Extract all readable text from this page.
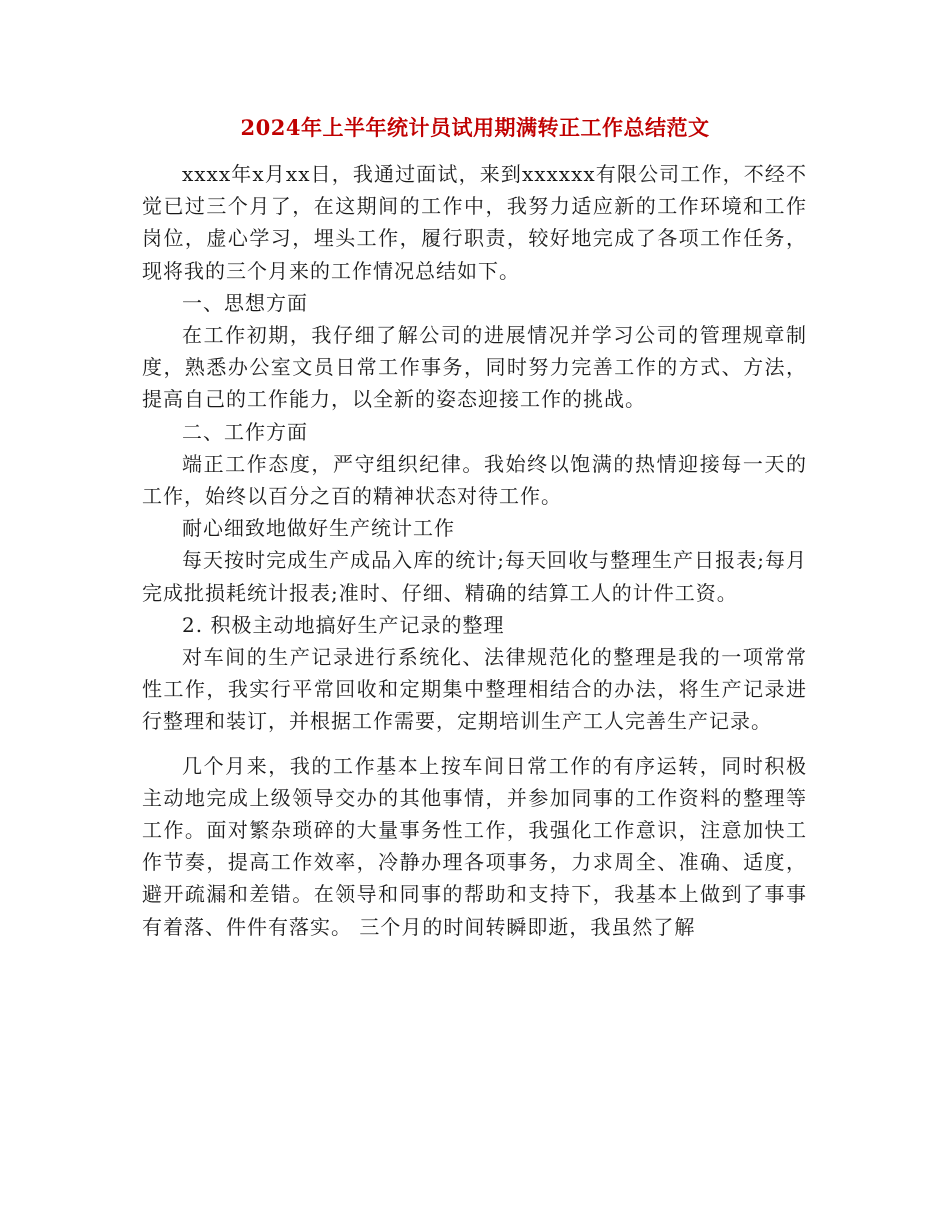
2024年上半年统计员试用期满转正工作总结范文

xxxx年x月xx日，我通过面试，来到xxxxxx有限公司工作，不经不觉已过三个月了，在这期间的工作中，我努力适应新的工作环境和工作岗位，虚心学习，埋头工作，履行职责，较好地完成了各项工作任务，现将我的三个月来的工作情况总结如下。

一、思想方面

在工作初期，我仔细了解公司的进展情况并学习公司的管理规章制度，熟悉办公室文员日常工作事务，同时努力完善工作的方式、方法，提高自己的工作能力，以全新的姿态迎接工作的挑战。

二、工作方面

端正工作态度，严守组织纪律。我始终以饱满的热情迎接每一天的工作，始终以百分之百的精神状态对待工作。

耐心细致地做好生产统计工作

每天按时完成生产成品入库的统计;每天回收与整理生产日报表;每月完成批损耗统计报表;准时、仔细、精确的结算工人的计件工资。

2. 积极主动地搞好生产记录的整理

对车间的生产记录进行系统化、法律规范化的整理是我的一项常常性工作，我实行平常回收和定期集中整理相结合的办法，将生产记录进行整理和装订，并根据工作需要，定期培训生产工人完善生产记录。

几个月来，我的工作基本上按车间日常工作的有序运转，同时积极主动地完成上级领导交办的其他事情，并参加同事的工作资料的整理等工作。面对繁杂琐碎的大量事务性工作，我强化工作意识，注意加快工作节奏，提高工作效率，冷静办理各项事务，力求周全、准确、适度，避开疏漏和差错。在领导和同事的帮助和支持下，我基本上做到了事事有着落、件件有落实。 三个月的时间转瞬即逝，我虽然了解
